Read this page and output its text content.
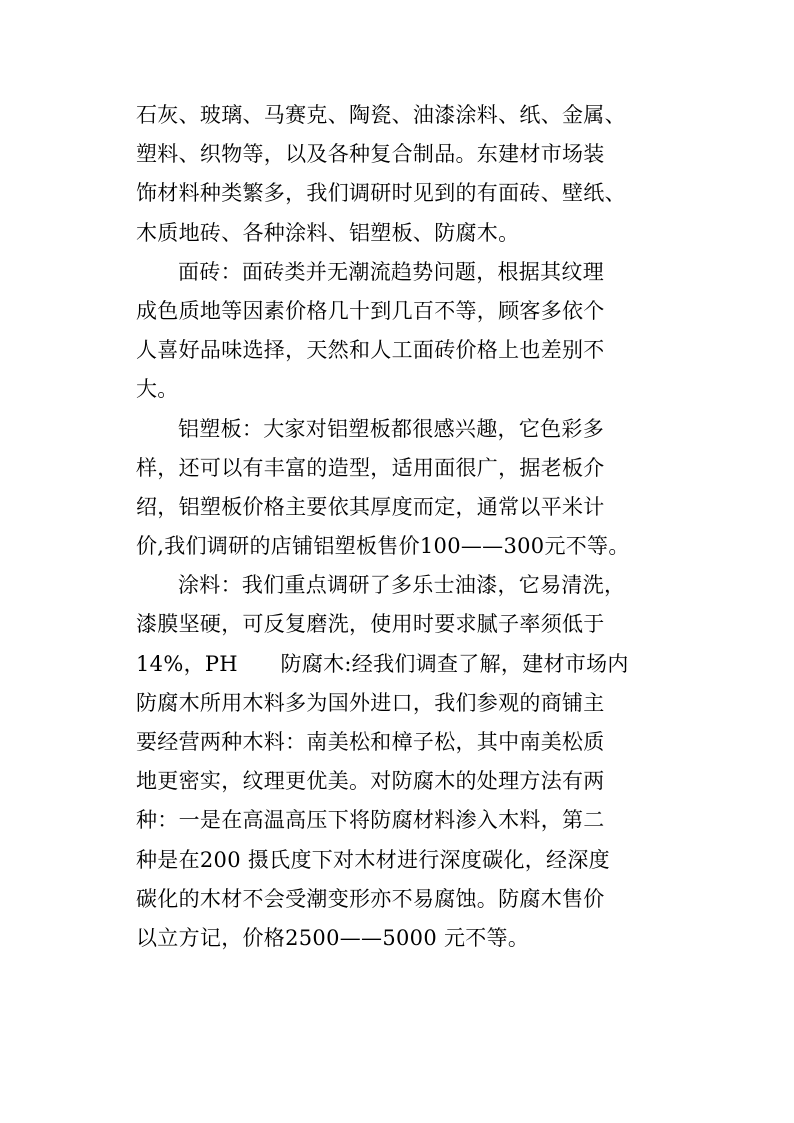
石灰、玻璃、马赛克、陶瓷、油漆涂料、纸、金属、
塑料、织物等，以及各种复合制品。东建材市场装
饰材料种类繁多，我们调研时见到的有面砖、壁纸、
木质地砖、各种涂料、铝塑板、防腐木。
面砖：面砖类并无潮流趋势问题，根据其纹理
成色质地等因素价格几十到几百不等，顾客多依个
人喜好品味选择，天然和人工面砖价格上也差别不
大。
铝塑板：大家对铝塑板都很感兴趣，它色彩多
样，还可以有丰富的造型，适用面很广，据老板介
绍，铝塑板价格主要依其厚度而定，通常以平米计
价,我们调研的店铺铝塑板售价100——300元不等。
涂料：我们重点调研了多乐士油漆，它易清洗，
漆膜坚硬，可反复磨洗，使用时要求腻子率须低于
14%，PH　　防腐木:经我们调查了解，建材市场内
防腐木所用木料多为国外进口，我们参观的商铺主
要经营两种木料：南美松和樟子松，其中南美松质
地更密实，纹理更优美。对防腐木的处理方法有两
种：一是在高温高压下将防腐材料渗入木料，第二
种是在200 摄氏度下对木材进行深度碳化，经深度
碳化的木材不会受潮变形亦不易腐蚀。防腐木售价
以立方记，价格2500——5000 元不等。
